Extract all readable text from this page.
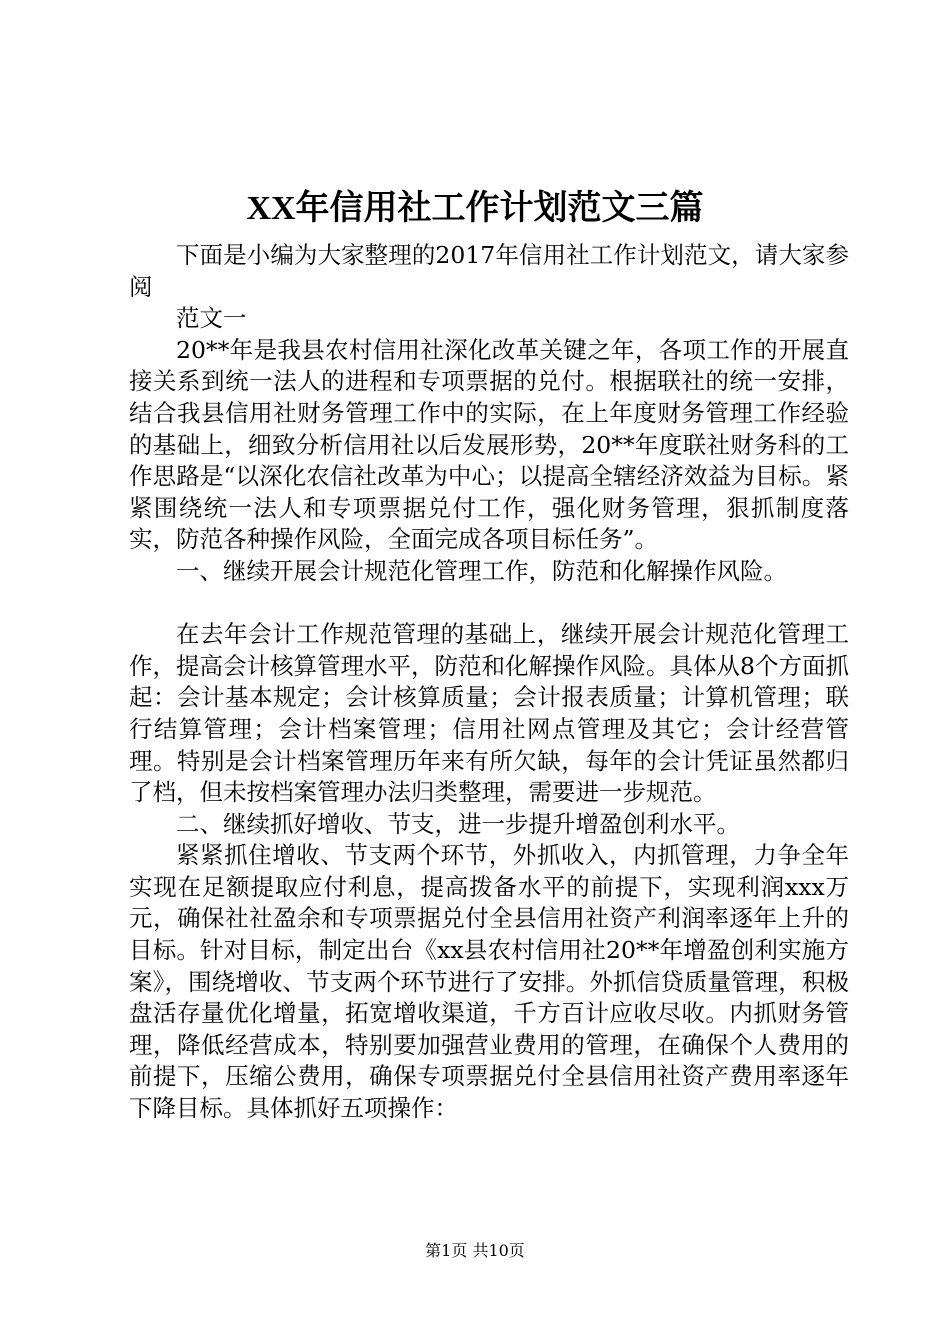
XX年信用社工作计划范文三篇

下面是小编为大家整理的2017年信用社工作计划范文，请大家参阅

范文一

20**年是我县农村信用社深化改革关键之年，各项工作的开展直接关系到统一法人的进程和专项票据的兑付。根据联社的统一安排，结合我县信用社财务管理工作中的实际，在上年度财务管理工作经验的基础上，细致分析信用社以后发展形势，20**年度联社财务科的工作思路是“以深化农信社改革为中心；以提高全辖经济效益为目标。紧紧围绕统一法人和专项票据兑付工作，强化财务管理，狠抓制度落实，防范各种操作风险，全面完成各项目标任务”。

一、继续开展会计规范化管理工作，防范和化解操作风险。

在去年会计工作规范管理的基础上，继续开展会计规范化管理工作，提高会计核算管理水平，防范和化解操作风险。具体从8个方面抓起：会计基本规定；会计核算质量；会计报表质量；计算机管理；联行结算管理；会计档案管理；信用社网点管理及其它；会计经营管理。特别是会计档案管理历年来有所欠缺，每年的会计凭证虽然都归了档，但未按档案管理办法归类整理，需要进一步规范。

二、继续抓好增收、节支，进一步提升增盈创利水平。

紧紧抓住增收、节支两个环节，外抓收入，内抓管理，力争全年实现在足额提取应付利息，提高拨备水平的前提下，实现利润xxx万元，确保社社盈余和专项票据兑付全县信用社资产利润率逐年上升的目标。针对目标，制定出台《xx县农村信用社20**年增盈创利实施方案》，围绕增收、节支两个环节进行了安排。外抓信贷质量管理，积极盘活存量优化增量，拓宽增收渠道，千方百计应收尽收。内抓财务管理，降低经营成本，特别要加强营业费用的管理，在确保个人费用的前提下，压缩公费用，确保专项票据兑付全县信用社资产费用率逐年下降目标。具体抓好五项操作：

第1页 共10页
